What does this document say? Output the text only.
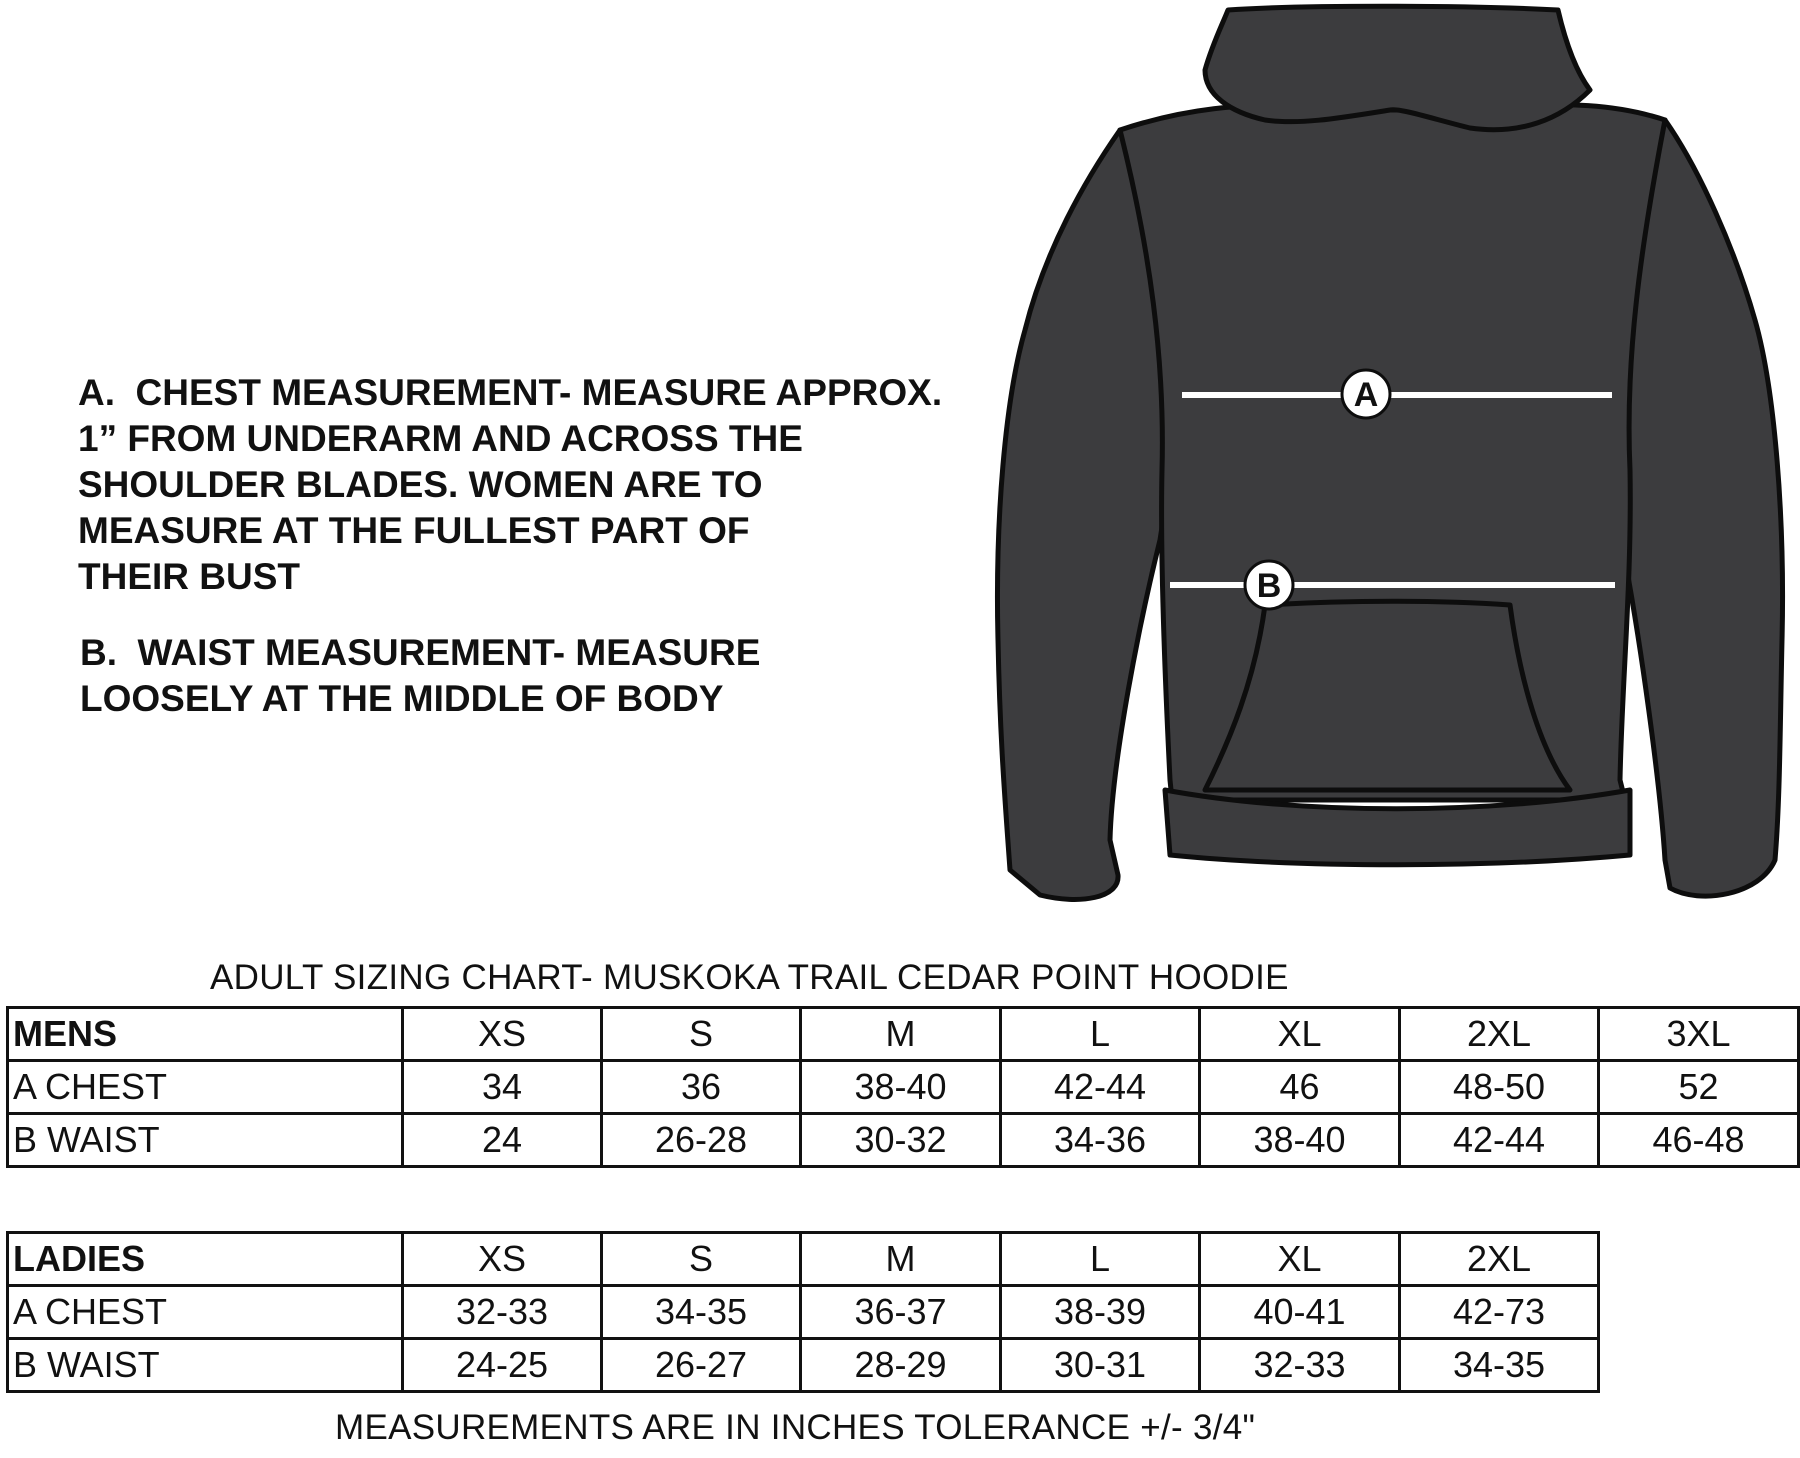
A.  CHEST MEASUREMENT- MEASURE APPROX.
1” FROM UNDERARM AND ACROSS THE
SHOULDER BLADES. WOMEN ARE TO
MEASURE AT THE FULLEST PART OF
THEIR BUST
B.  WAIST MEASUREMENT- MEASURE
LOOSELY AT THE MIDDLE OF BODY
A
B
ADULT SIZING CHART- MUSKOKA TRAIL CEDAR POINT HOODIE
MENS	XS	S	M	L	XL	2XL	3XL
A CHEST	34	36	38-40	42-44	46	48-50	52
B WAIST	24	26-28	30-32	34-36	38-40	42-44	46-48
LADIES	XS	S	M	L	XL	2XL
A CHEST	32-33	34-35	36-37	38-39	40-41	42-73
B WAIST	24-25	26-27	28-29	30-31	32-33	34-35
MEASUREMENTS ARE IN INCHES TOLERANCE +/- 3/4"
